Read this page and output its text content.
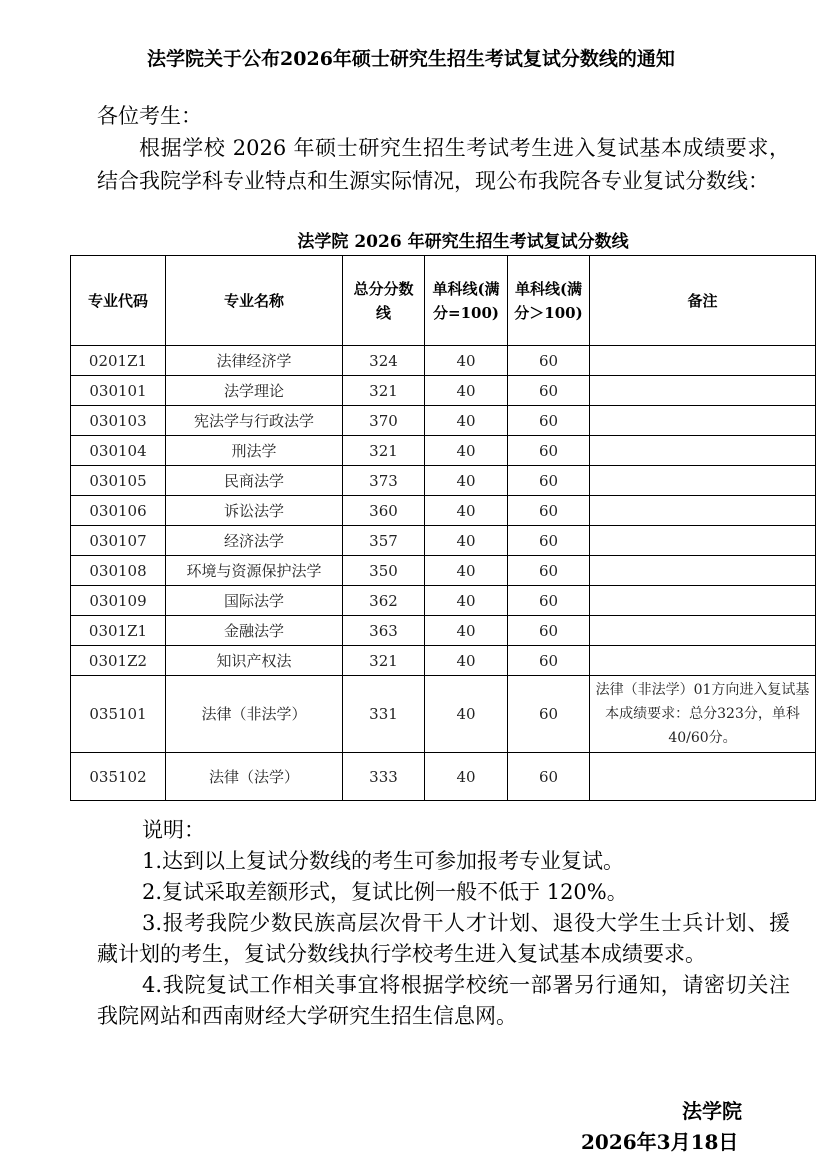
法学院关于公布2026年硕士研究生招生考试复试分数线的通知
各位考生：

根据学校 2026 年硕士研究生招生考试考生进入复试基本成绩要求，结合我院学科专业特点和生源实际情况，现公布我院各专业复试分数线：

法学院 2026 年研究生招生考试复试分数线
专业代码	专业名称	总分分数线	单科线(满分=100)	单科线(满分＞100)	备注
0201Z1	法律经济学	324	40	60	
030101	法学理论	321	40	60	
030103	宪法学与行政法学	370	40	60	
030104	刑法学	321	40	60	
030105	民商法学	373	40	60	
030106	诉讼法学	360	40	60	
030107	经济法学	357	40	60	
030108	环境与资源保护法学	350	40	60	
030109	国际法学	362	40	60	
0301Z1	金融法学	363	40	60	
0301Z2	知识产权法	321	40	60	
035101	法律（非法学）	331	40	60	法律（非法学）01方向进入复试基本成绩要求：总分323分，单科40/60分。
035102	法律（法学）	333	40	60	
说明：

1.达到以上复试分数线的考生可参加报考专业复试。

2.复试采取差额形式，复试比例一般不低于 120%。

3.报考我院少数民族高层次骨干人才计划、退役大学生士兵计划、援藏计划的考生，复试分数线执行学校考生进入复试基本成绩要求。

4.我院复试工作相关事宜将根据学校统一部署另行通知，请密切关注我院网站和西南财经大学研究生招生信息网。

法学院
2026年3月18日
